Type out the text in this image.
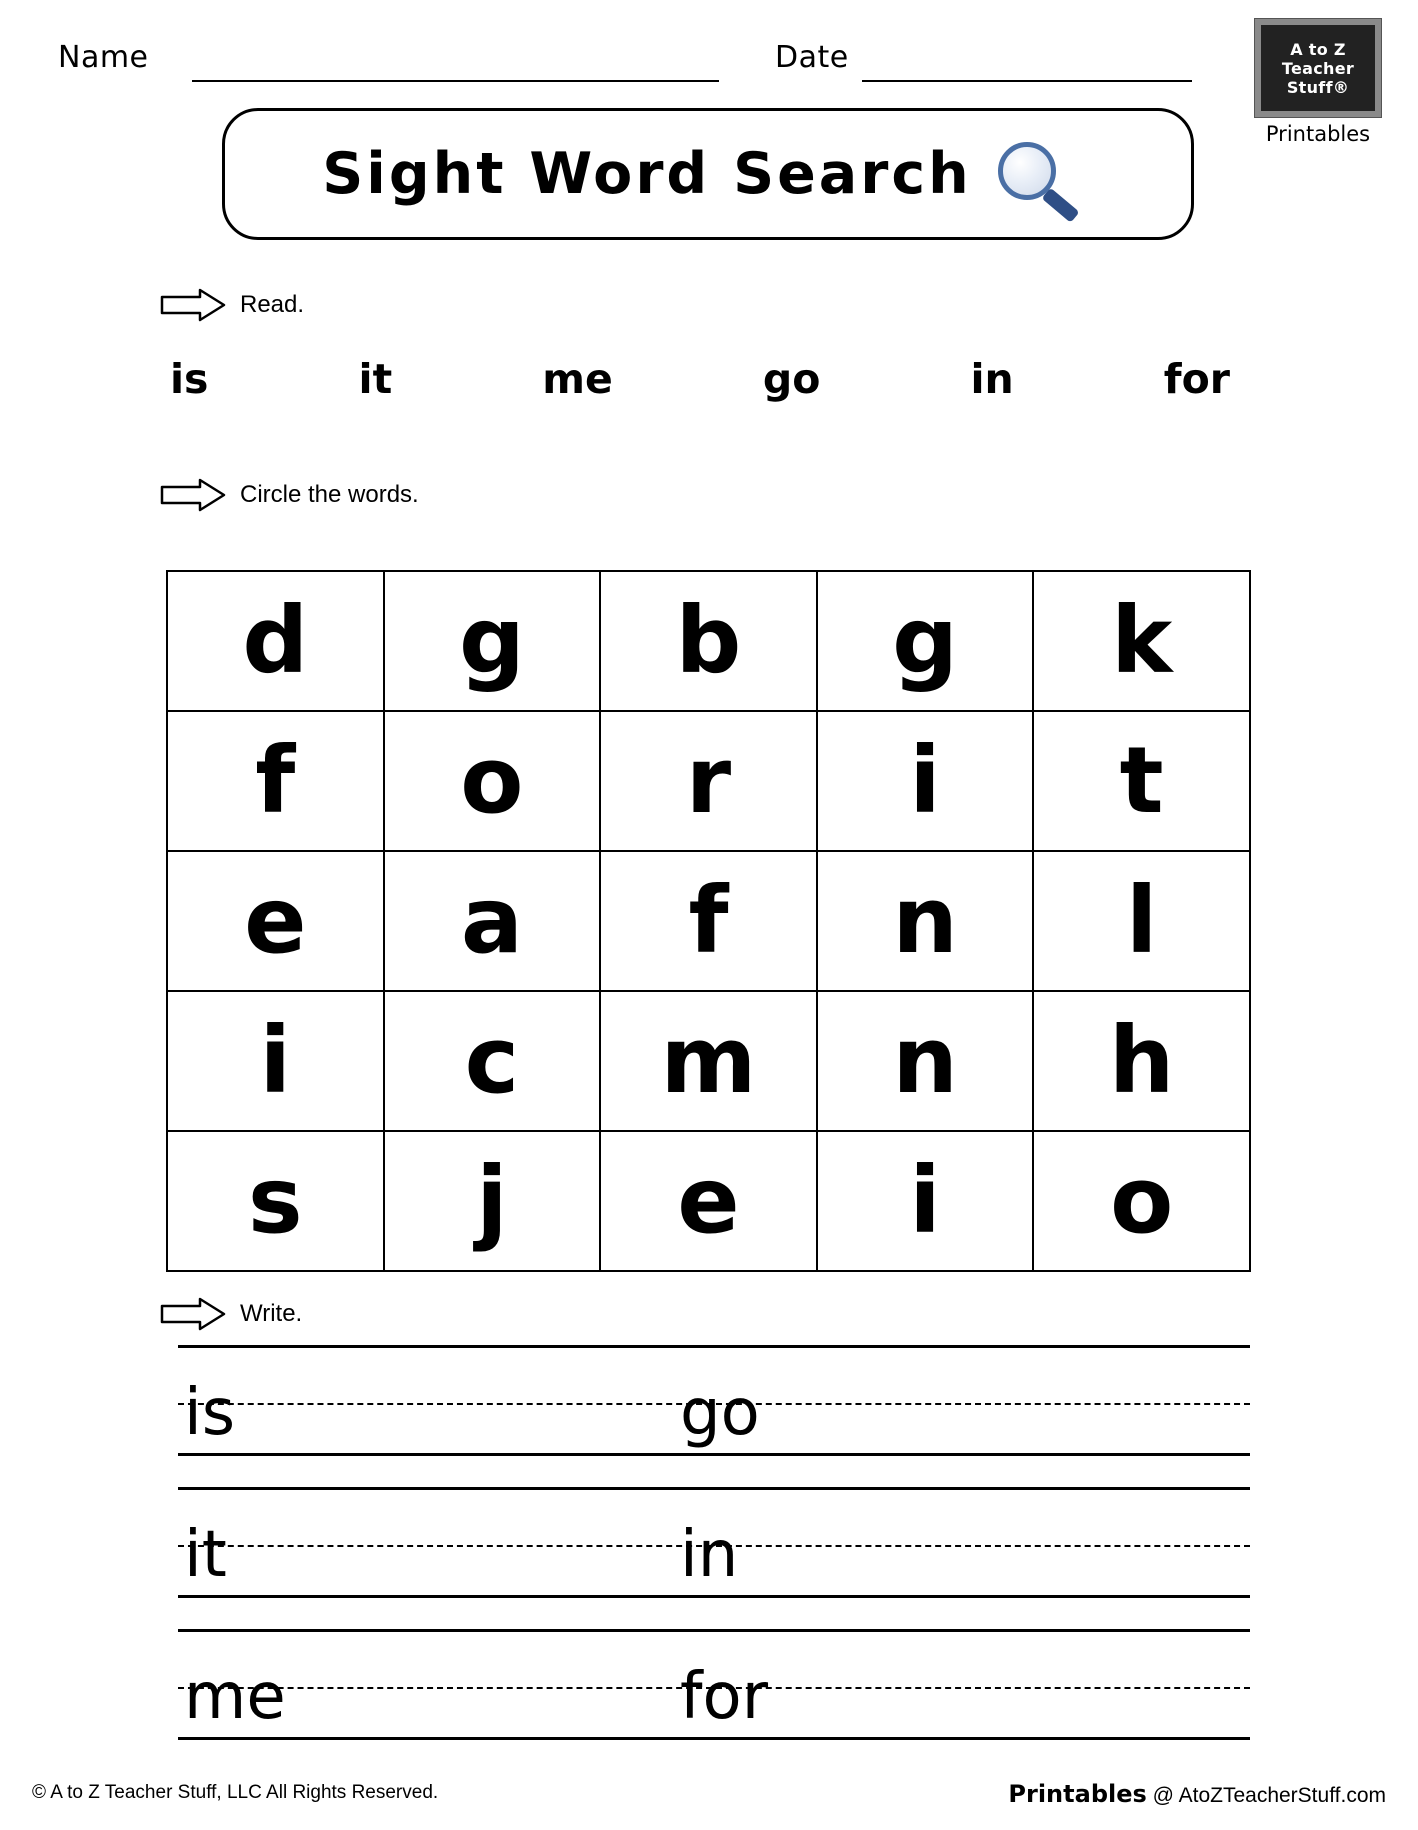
Name	Date	A to Z
Teacher
Stuff®
Printables
Sight Word Search
Read.
is	it	me	go	in	for
Circle the words.
d	g	b	g	k
f	o	r	i	t
e	a	f	n	l
i	c	m	n	h
s	j	e	i	o
Write.
is	go
it	in
me	for
© A to Z Teacher Stuff, LLC All Rights Reserved.	Printables @ AtoZTeacherStuff.com
